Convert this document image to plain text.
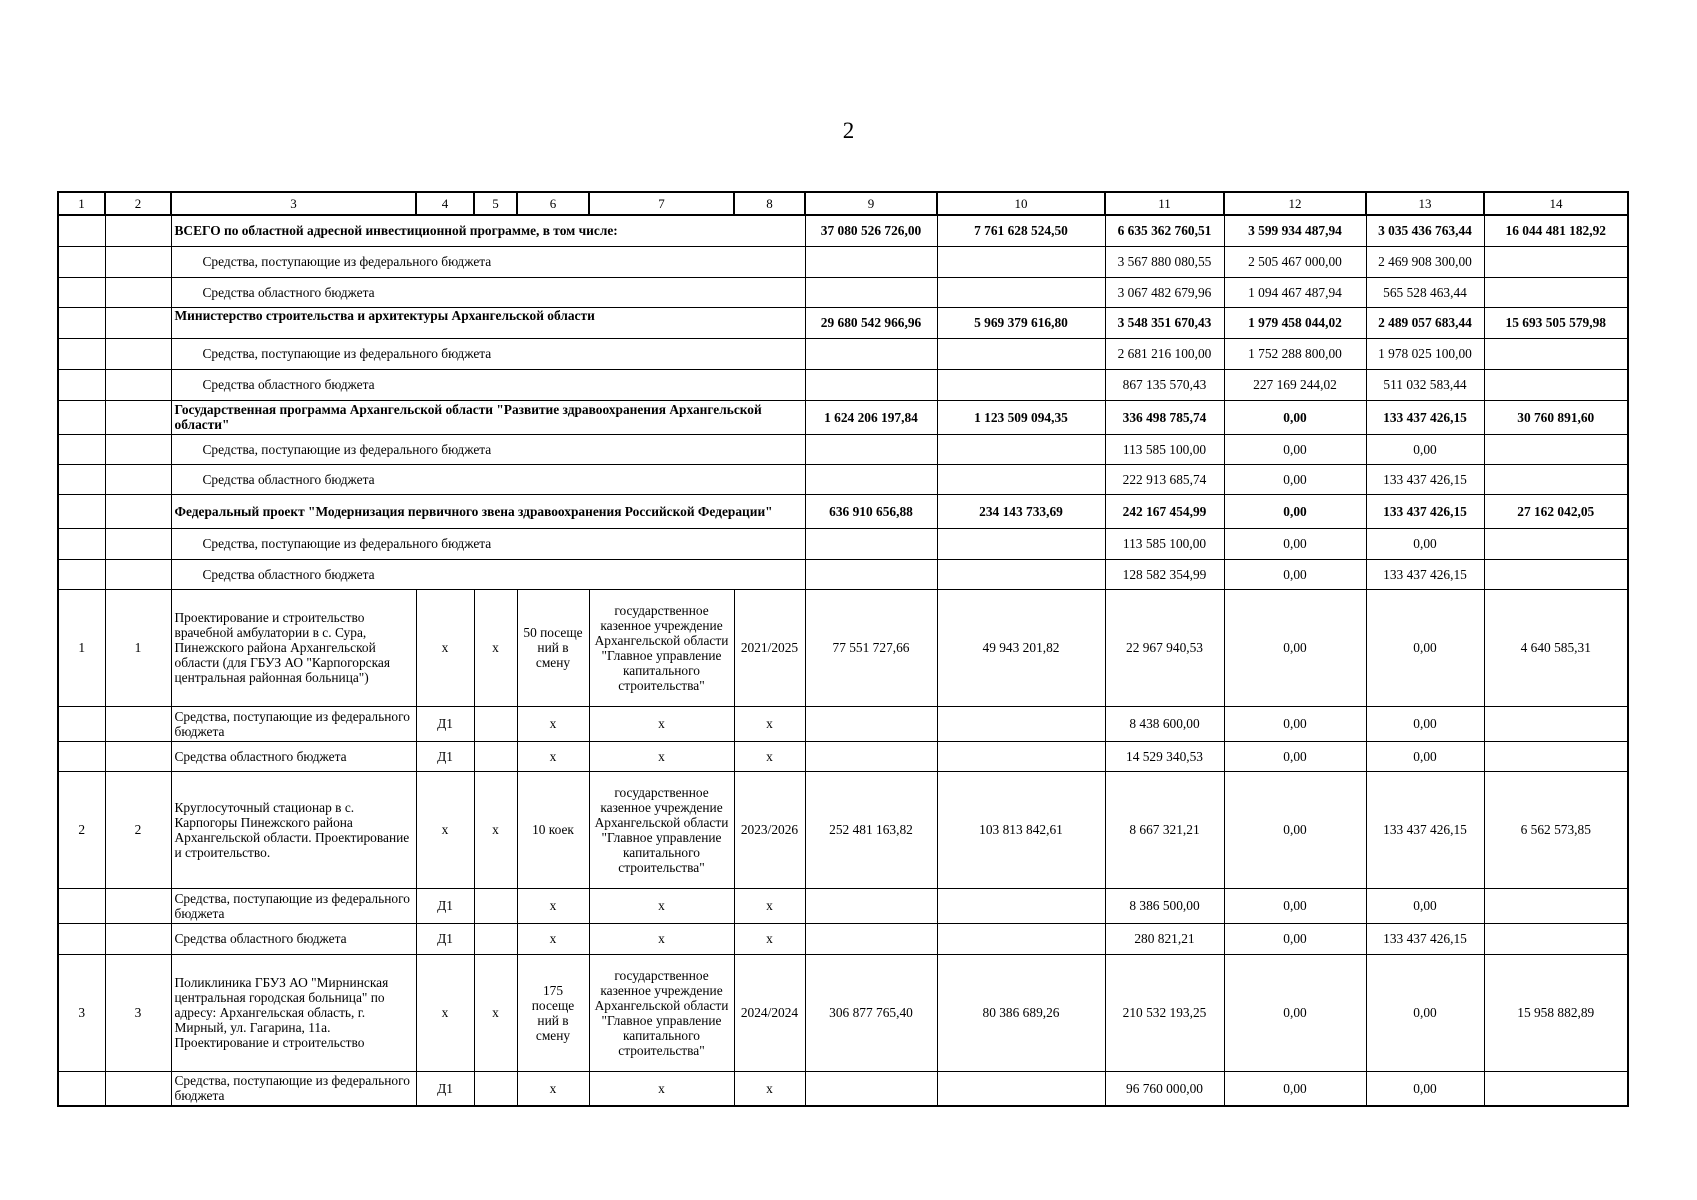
2
1	2	3	4	5	6	7	8	9	10	11	12	13	14
		ВСЕГО по областной адресной инвестиционной программе, в том числе:						37 080 526 726,00	7 761 628 524,50	6 635 362 760,51	3 599 934 487,94	3 035 436 763,44	16 044 481 182,92
		Средства, поступающие из федерального бюджета								3 567 880 080,55	2 505 467 000,00	2 469 908 300,00	
		Средства областного бюджета								3 067 482 679,96	1 094 467 487,94	565 528 463,44	
		Министерство строительства и архитектуры Архангельской области						29 680 542 966,96	5 969 379 616,80	3 548 351 670,43	1 979 458 044,02	2 489 057 683,44	15 693 505 579,98
		Средства, поступающие из федерального бюджета								2 681 216 100,00	1 752 288 800,00	1 978 025 100,00	
		Средства областного бюджета								867 135 570,43	227 169 244,02	511 032 583,44	
		Государственная программа Архангельской области "Развитие здравоохранения Архангельской области"						1 624 206 197,84	1 123 509 094,35	336 498 785,74	0,00	133 437 426,15	30 760 891,60
		Средства, поступающие из федерального бюджета								113 585 100,00	0,00	0,00	
		Средства областного бюджета								222 913 685,74	0,00	133 437 426,15	
		Федеральный проект "Модернизация первичного звена здравоохранения Российской Федерации"						636 910 656,88	234 143 733,69	242 167 454,99	0,00	133 437 426,15	27 162 042,05
		Средства, поступающие из федерального бюджета								113 585 100,00	0,00	0,00	
		Средства областного бюджета								128 582 354,99	0,00	133 437 426,15	
1	1	Проектирование и строительство врачебной амбулатории в с. Сура, Пинежского района Архангельской области (для ГБУЗ АО "Карпогорская центральная районная больница")	х	х	50 посеще ний в смену	государственное казенное учреждение Архангельской области "Главное управление капитального строительства"	2021/2025	77 551 727,66	49 943 201,82	22 967 940,53	0,00	0,00	4 640 585,31
		Средства, поступающие из федерального бюджета	Д1		х	х	х			8 438 600,00	0,00	0,00	
		Средства областного бюджета	Д1		х	х	х			14 529 340,53	0,00	0,00	
2	2	Круглосуточный стационар в с. Карпогоры Пинежского района Архангельской области. Проектирование и строительство.	х	х	10 коек	государственное казенное учреждение Архангельской области "Главное управление капитального строительства"	2023/2026	252 481 163,82	103 813 842,61	8 667 321,21	0,00	133 437 426,15	6 562 573,85
		Средства, поступающие из федерального бюджета	Д1		х	х	х			8 386 500,00	0,00	0,00	
		Средства областного бюджета	Д1		х	х	х			280 821,21	0,00	133 437 426,15	
3	3	Поликлиника ГБУЗ АО "Мирнинская центральная городская больница" по адресу: Архангельская область, г. Мирный, ул. Гагарина, 11а. Проектирование и строительство	х	х	175 посеще ний в смену	государственное казенное учреждение Архангельской области "Главное управление капитального строительства"	2024/2024	306 877 765,40	80 386 689,26	210 532 193,25	0,00	0,00	15 958 882,89
		Средства, поступающие из федерального бюджета	Д1		х	х	х			96 760 000,00	0,00	0,00	
